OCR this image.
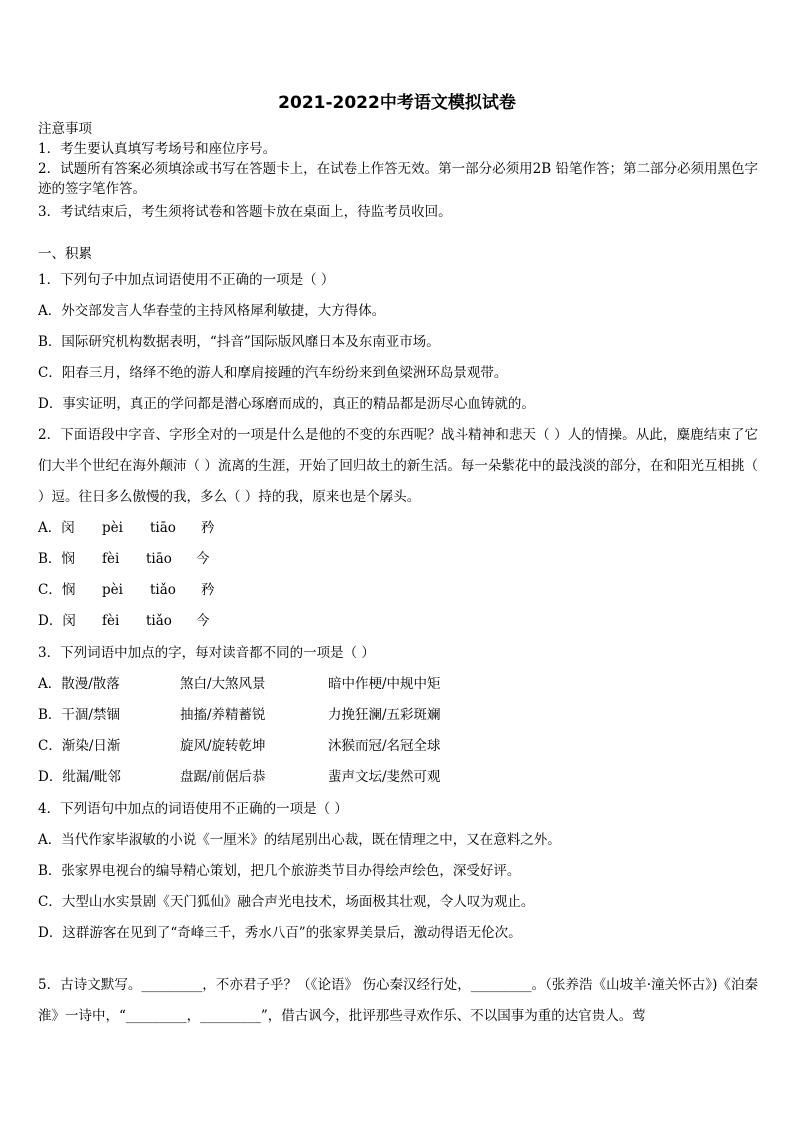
2021-2022中考语文模拟试卷
注意事项
1．考生要认真填写考场号和座位序号。
2．试题所有答案必须填涂或书写在答题卡上，在试卷上作答无效。第一部分必须用2B 铅笔作答；第二部分必须用黑色字迹的签字笔作答。
3．考试结束后，考生须将试卷和答题卡放在桌面上，待监考员收回。
一、积累
1．下列句子中加点词语使用不正确的一项是（ ）
A．外交部发言人华春莹的主持风格犀利敏捷，大方得体。
B．国际研究机构数据表明，“抖音”国际版风靡日本及东南亚市场。
C．阳春三月，络绎不绝的游人和摩肩接踵的汽车纷纷来到鱼梁洲环岛景观带。
D．事实证明，真正的学问都是潜心琢磨而成的，真正的精品都是沥尽心血铸就的。
2．下面语段中字音、字形全对的一项是什么是他的不变的东西呢？战斗精神和悲天（ ）人的情操。从此，麋鹿结束了它们大半个世纪在海外颠沛（ ）流离的生涯，开始了回归故土的新生活。每一朵紫花中的最浅淡的部分，在和阳光互相挑（ ）逗。往日多么傲慢的我，多么（ ）持的我，原来也是个孱头。
A．闵 pèi tiāo 矜
B．悯 fèi tiāo 今
C．悯 pèi tiǎo 矜
D．闵 fèi tiǎo 今
3．下列词语中加点的字，每对读音都不同的一项是（ ）
A．散漫/散落	煞白/大煞风景	暗中作梗/中规中矩
B．干涸/禁锢	抽搐/养精蓄锐	力挽狂澜/五彩斑斓
C．渐染/日渐	旋风/旋转乾坤	沐猴而冠/名冠全球
D．纰漏/毗邻	盘踞/前倨后恭	蜚声文坛/斐然可观
4．下列语句中加点的词语使用不正确的一项是（ ）
A．当代作家毕淑敏的小说《一厘米》的结尾别出心裁，既在情理之中，又在意料之外。
B．张家界电视台的编导精心策划，把几个旅游类节目办得绘声绘色，深受好评。
C．大型山水实景剧《天门狐仙》融合声光电技术，场面极其壮观，令人叹为观止。
D．这群游客在见到了“奇峰三千，秀水八百”的张家界美景后，激动得语无伦次。
5．古诗文默写。_________，不亦君子乎？（《论语》 伤心秦汉经行处，_________。（张养浩《山坡羊·潼关怀古》)《泊秦淮》一诗中，“_________，_________”，借古讽今，批评那些寻欢作乐、不以国事为重的达官贵人。莺
